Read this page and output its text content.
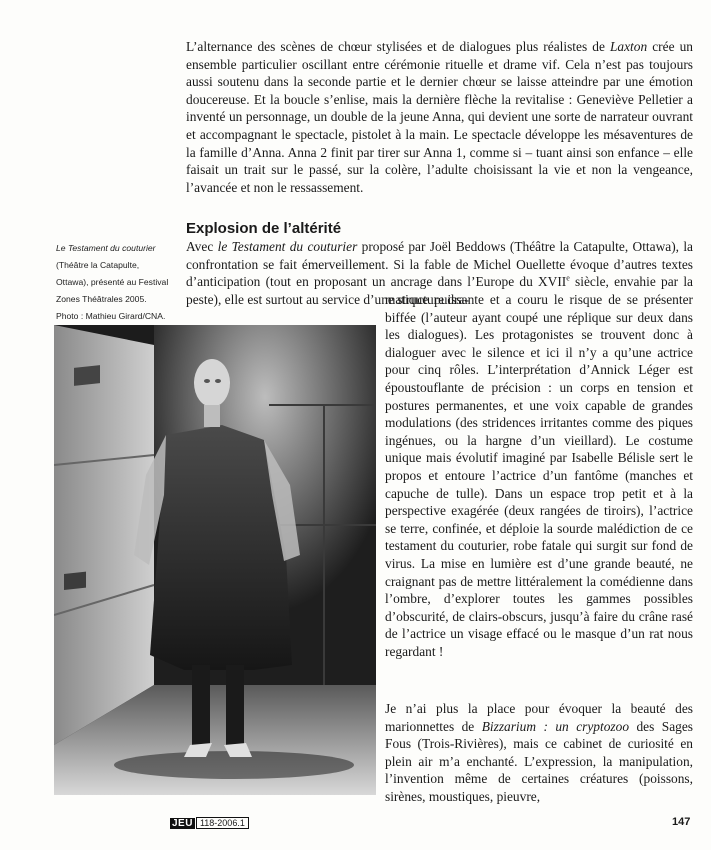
L’alternance des scènes de chœur stylisées et de dialogues plus réalistes de Laxton crée un ensemble particulier oscillant entre cérémonie rituelle et drame vif. Cela n’est pas toujours aussi soutenu dans la seconde partie et le dernier chœur se laisse atteindre par une émotion doucereuse. Et la boucle s’enlise, mais la dernière flèche la revitalise : Geneviève Pelletier a inventé un personnage, un double de la jeune Anna, qui devient une sorte de narrateur ouvrant et accompagnant le spectacle, pistolet à la main. Le spectacle développe les mésaventures de la famille d’Anna. Anna 2 finit par tirer sur Anna 1, comme si – tuant ainsi son enfance – elle faisait un trait sur le passé, sur la colère, l’adulte choisissant la vie et non la vengeance, l’avancée et non le ressassement.

Explosion de l’altérité

Avec le Testament du couturier proposé par Joël Beddows (Théâtre la Catapulte, Ottawa), la confrontation se fait émerveillement. Si la fable de Michel Ouellette évoque d’autres textes d’anticipation (tout en proposant un ancrage dans l’Europe du XVIIe siècle, envahie par la peste), elle est surtout au service d’une structure dra-

Le Testament du couturier
(Théâtre la Catapulte,
Ottawa), présenté au Festival
Zones Théâtrales 2005.
Photo : Mathieu Girard/CNA.

matique puissante et a couru le risque de se présenter biffée (l’auteur ayant coupé une réplique sur deux dans les dialogues). Les protagonistes se trouvent donc à dialoguer avec le silence et ici il n’y a qu’une actrice pour cinq rôles. L’interprétation d’Annick Léger est époustouflante de précision : un corps en tension et postures permanentes, et une voix capable de grandes modulations (des stridences irritantes comme des piques ingénues, ou la hargne d’un vieillard). Le costume unique mais évolutif imaginé par Isabelle Bélisle sert le propos et entoure l’actrice d’un fantôme (manches et capuche de tulle). Dans un espace trop petit et à la perspective exagérée (deux rangées de tiroirs), l’actrice se terre, confinée, et déploie la sourde malédiction de ce testament du couturier, robe fatale qui surgit sur fond de virus. La mise en lumière est d’une grande beauté, ne craignant pas de mettre littéralement la comédienne dans l’ombre, d’explorer toutes les gammes possibles d’obscurité, de clairs-obscurs, jusqu’à faire du crâne rasé de l’actrice un visage effacé ou le masque d’un rat nous regardant !

Je n’ai plus la place pour évoquer la beauté des marionnettes de Bizzarium : un cryptozoo des Sages Fous (Trois-Rivières), mais ce cabinet de curiosité en plein air m’a enchanté. L’expression, la manipulation, l’invention même de certaines créatures (poissons, sirènes, moustiques, pieuvre,

JEU 118-2006.1	147
